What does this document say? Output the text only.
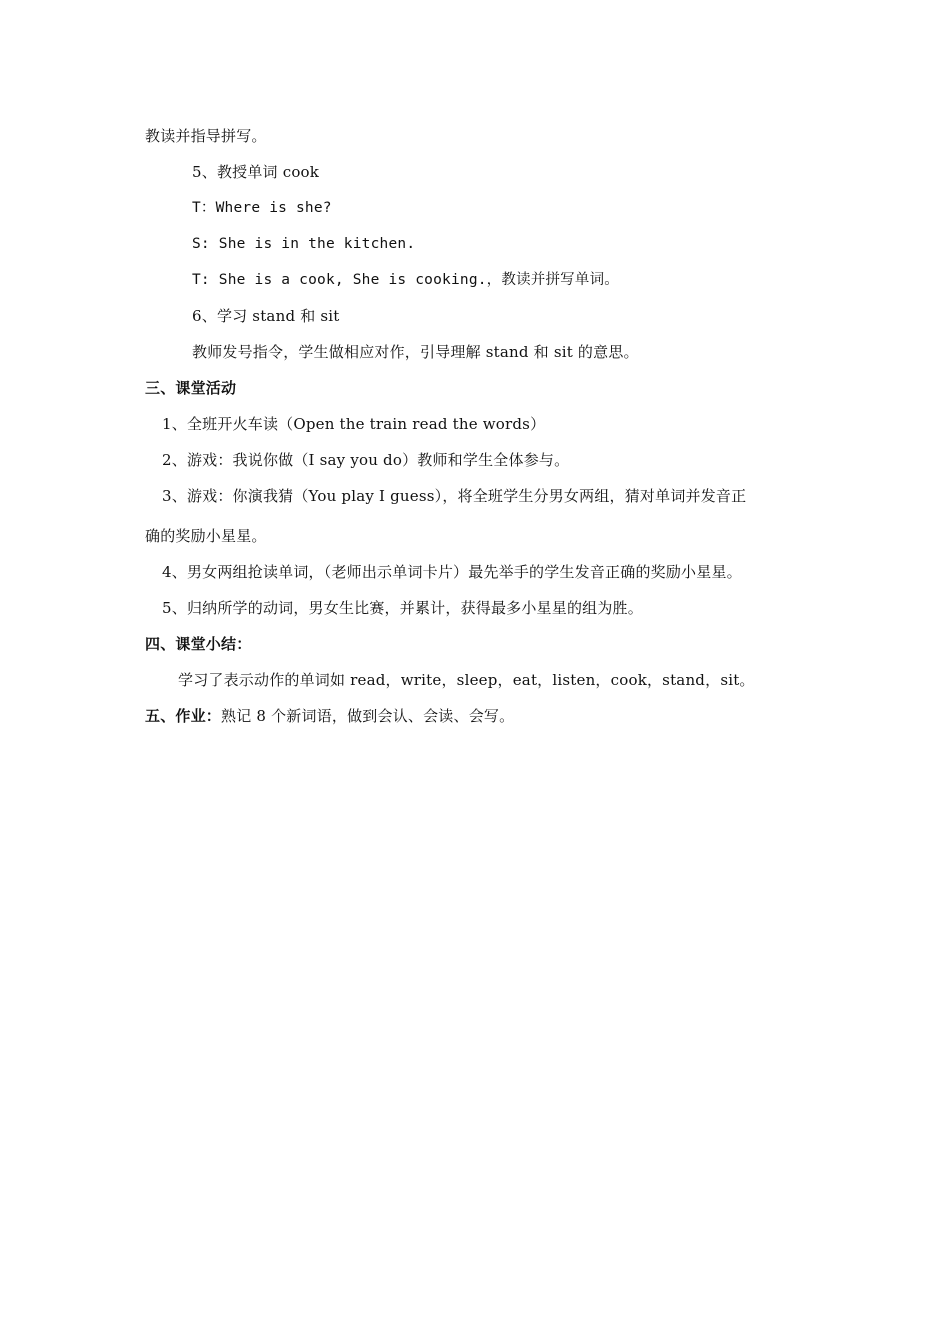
教读并指导拼写。
5、教授单词 cook
T：Where is she?
S: She is in the kitchen.
T: She is a cook, She is cooking.，教读并拼写单词。
6、学习 stand 和 sit
教师发号指令，学生做相应对作，引导理解 stand 和 sit 的意思。
三、课堂活动
1、全班开火车读（Open the train read the words）
2、游戏：我说你做（I say you do）教师和学生全体参与。
3、游戏：你演我猜（You play I guess），将全班学生分男女两组，猜对单词并发音正
确的奖励小星星。
4、男女两组抢读单词，（老师出示单词卡片）最先举手的学生发音正确的奖励小星星。
5、归纳所学的动词，男女生比赛，并累计，获得最多小星星的组为胜。
四、课堂小结：
学习了表示动作的单词如 read，write，sleep，eat，listen，cook，stand，sit。
五、作业：熟记 8 个新词语，做到会认、会读、会写。
